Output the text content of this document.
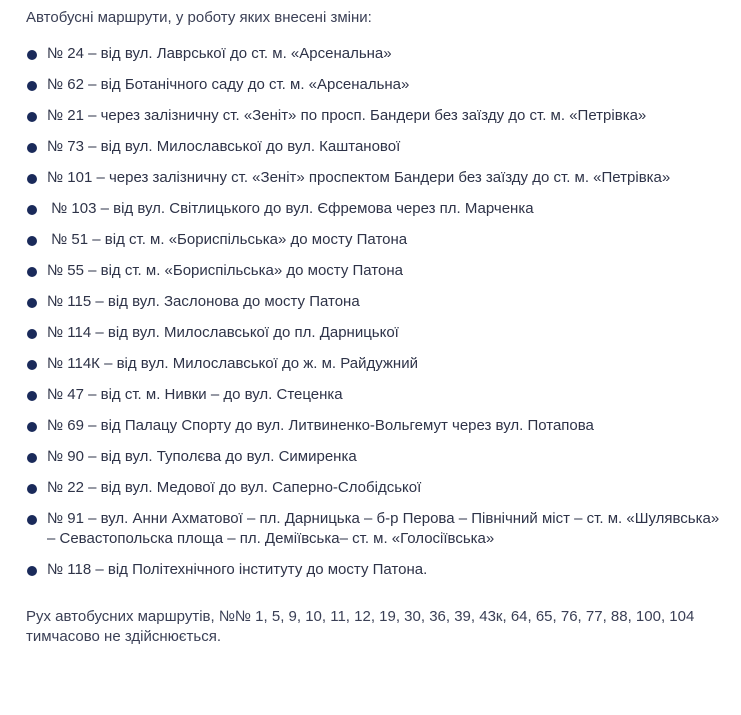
Автобусні маршрути, у роботу яких внесені зміни:

№ 24 – від вул. Лаврської до ст. м. «Арсенальна»
№ 62 – від Ботанічного саду до ст. м. «Арсенальна»
№ 21 – через залізничну ст. «Зеніт» по просп. Бандери без заїзду до ст. м. «Петрівка»
№ 73 – від вул. Милославської до вул. Каштанової
№ 101 – через залізничну ст. «Зеніт» проспектом Бандери без заїзду до ст. м. «Петрівка»
№ 103 – від вул. Світлицького до вул. Єфремова через пл. Марченка
№ 51 – від ст. м. «Бориспільська» до мосту Патона
№ 55 – від ст. м. «Бориспільська» до мосту Патона
№ 115 – від вул. Заслонова до мосту Патона
№ 114 – від вул. Милославської до пл. Дарницької
№ 114К – від вул. Милославської до ж. м. Райдужний
№ 47 – від ст. м. Нивки – до вул. Стеценка
№ 69 – від Палацу Спорту до вул. Литвиненко-Вольгемут через вул. Потапова
№ 90 – від вул. Туполєва до вул. Симиренка
№ 22 – від вул. Медової до вул. Саперно-Слобідської
№ 91 – вул. Анни Ахматової – пл. Дарницька – б-р Перова – Північний міст – ст. м. «Шулявська» – Севастопольска площа – пл. Деміївська– ст. м. «Голосіївська»
№ 118 – від Політехнічного інституту до мосту Патона.

Рух автобусних маршрутів, №№ 1, 5, 9, 10, 11, 12, 19, 30, 36, 39, 43к, 64, 65, 76, 77, 88, 100, 104 тимчасово не здійснюється.
